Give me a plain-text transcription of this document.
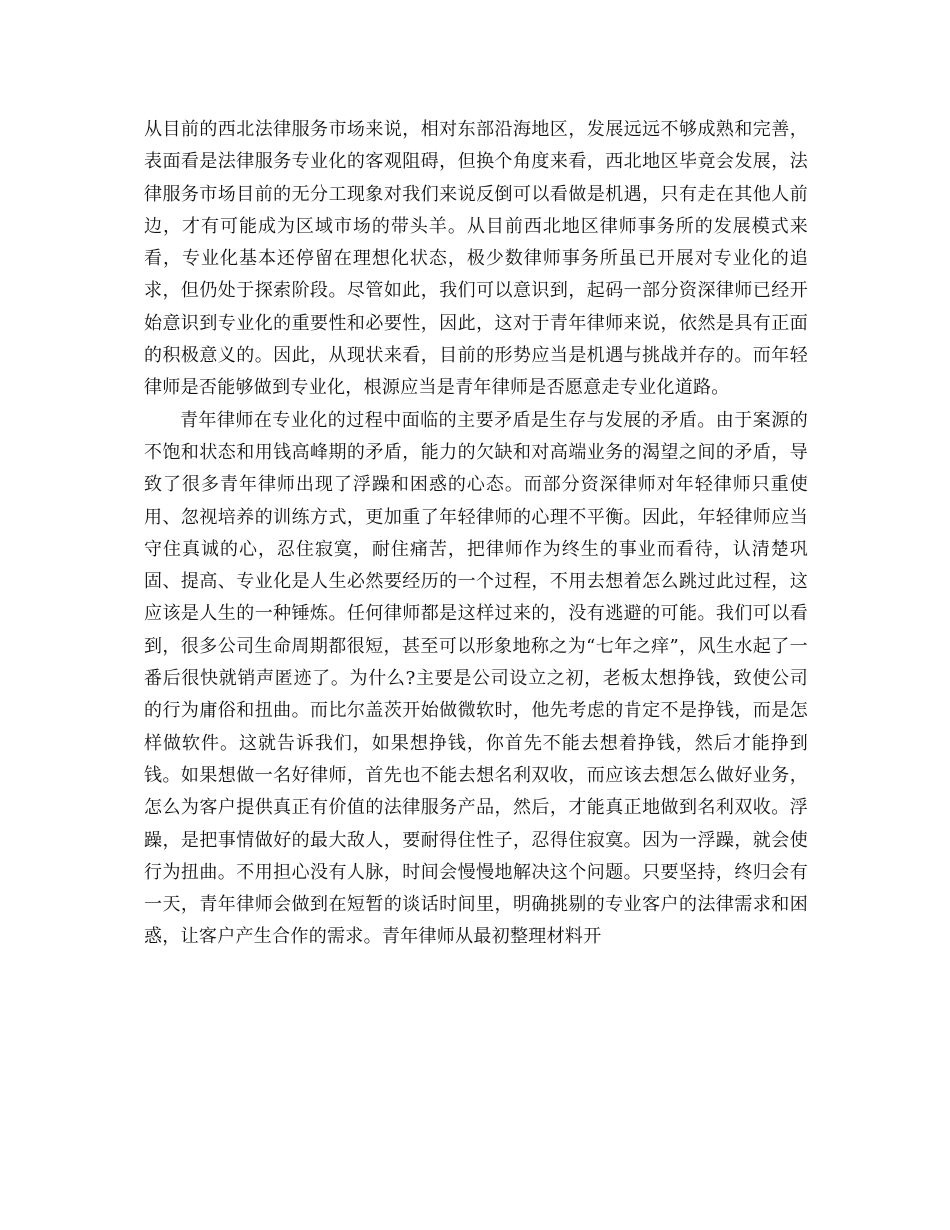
从目前的西北法律服务市场来说，相对东部沿海地区，发展远远不够成熟和完善，表面看是法律服务专业化的客观阻碍，但换个角度来看，西北地区毕竟会发展，法律服务市场目前的无分工现象对我们来说反倒可以看做是机遇，只有走在其他人前边，才有可能成为区域市场的带头羊。从目前西北地区律师事务所的发展模式来看，专业化基本还停留在理想化状态，极少数律师事务所虽已开展对专业化的追求，但仍处于探索阶段。尽管如此，我们可以意识到，起码一部分资深律师已经开始意识到专业化的重要性和必要性，因此，这对于青年律师来说，依然是具有正面的积极意义的。因此，从现状来看，目前的形势应当是机遇与挑战并存的。而年轻律师是否能够做到专业化，根源应当是青年律师是否愿意走专业化道路。

青年律师在专业化的过程中面临的主要矛盾是生存与发展的矛盾。由于案源的不饱和状态和用钱高峰期的矛盾，能力的欠缺和对高端业务的渴望之间的矛盾，导致了很多青年律师出现了浮躁和困惑的心态。而部分资深律师对年轻律师只重使用、忽视培养的训练方式，更加重了年轻律师的心理不平衡。因此，年轻律师应当守住真诚的心，忍住寂寞，耐住痛苦，把律师作为终生的事业而看待，认清楚巩固、提高、专业化是人生必然要经历的一个过程，不用去想着怎么跳过此过程，这应该是人生的一种锤炼。任何律师都是这样过来的，没有逃避的可能。我们可以看到，很多公司生命周期都很短，甚至可以形象地称之为“七年之痒”，风生水起了一番后很快就销声匿迹了。为什么?主要是公司设立之初，老板太想挣钱，致使公司的行为庸俗和扭曲。而比尔盖茨开始做微软时，他先考虑的肯定不是挣钱，而是怎样做软件。这就告诉我们，如果想挣钱，你首先不能去想着挣钱，然后才能挣到钱。如果想做一名好律师，首先也不能去想名利双收，而应该去想怎么做好业务，怎么为客户提供真正有价值的法律服务产品，然后，才能真正地做到名利双收。浮躁，是把事情做好的最大敌人，要耐得住性子，忍得住寂寞。因为一浮躁，就会使行为扭曲。不用担心没有人脉，时间会慢慢地解决这个问题。只要坚持，终归会有一天，青年律师会做到在短暂的谈话时间里，明确挑剔的专业客户的法律需求和困惑，让客户产生合作的需求。青年律师从最初整理材料开
